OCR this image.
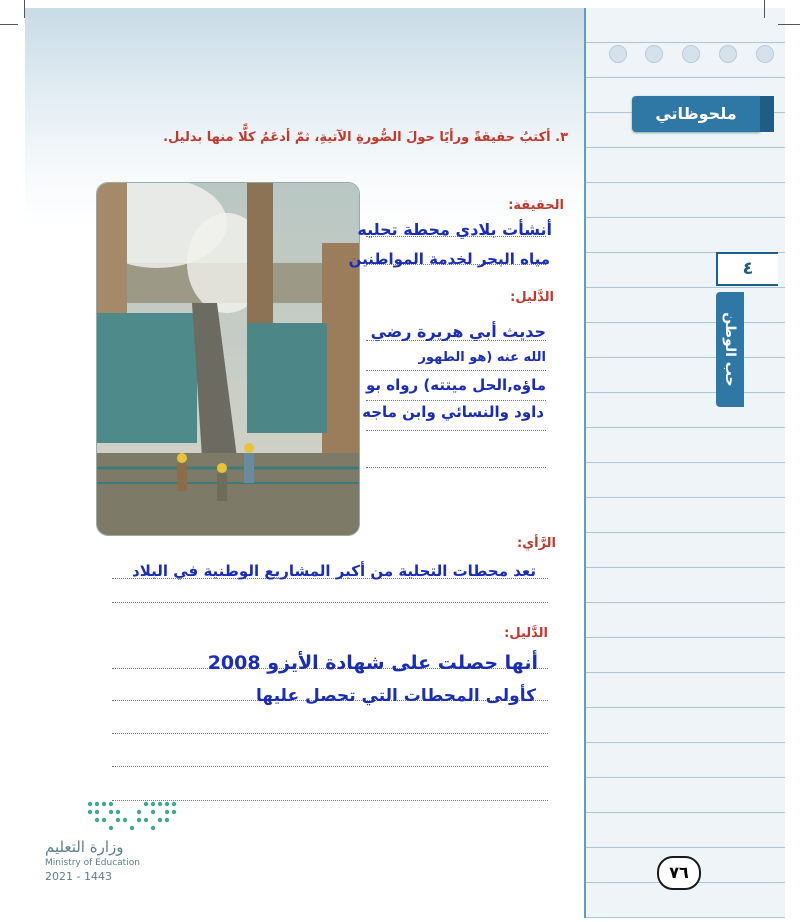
ملحوظاتي
٤
حب الوطن
٣. أكتبُ حقيقةً ورأيًا حولَ الصُّورةِ الآتيةِ، ثمّ أدعَمُ كلًّا منها بدليل.
الحقيقة:
أنشأت بلادي محطة تحليه
مياه البحر لخدمة المواطنين
الدَّليل:
حديث أبي هريرة رضي
الله عنه (هو الطهور
ماؤه,الحل ميتته) رواه بو
داود والنسائي وابن ماجه
الرَّأي:
تعد محطات التحلية من أكبر المشاريع الوطنية في البلاد
الدَّليل:
أنها حصلت على شهادة الأيزو 2008
كأولى المحطات التي تحصل عليها
وزارة التعليم
Ministry of Education
2021 - 1443	٧٦
